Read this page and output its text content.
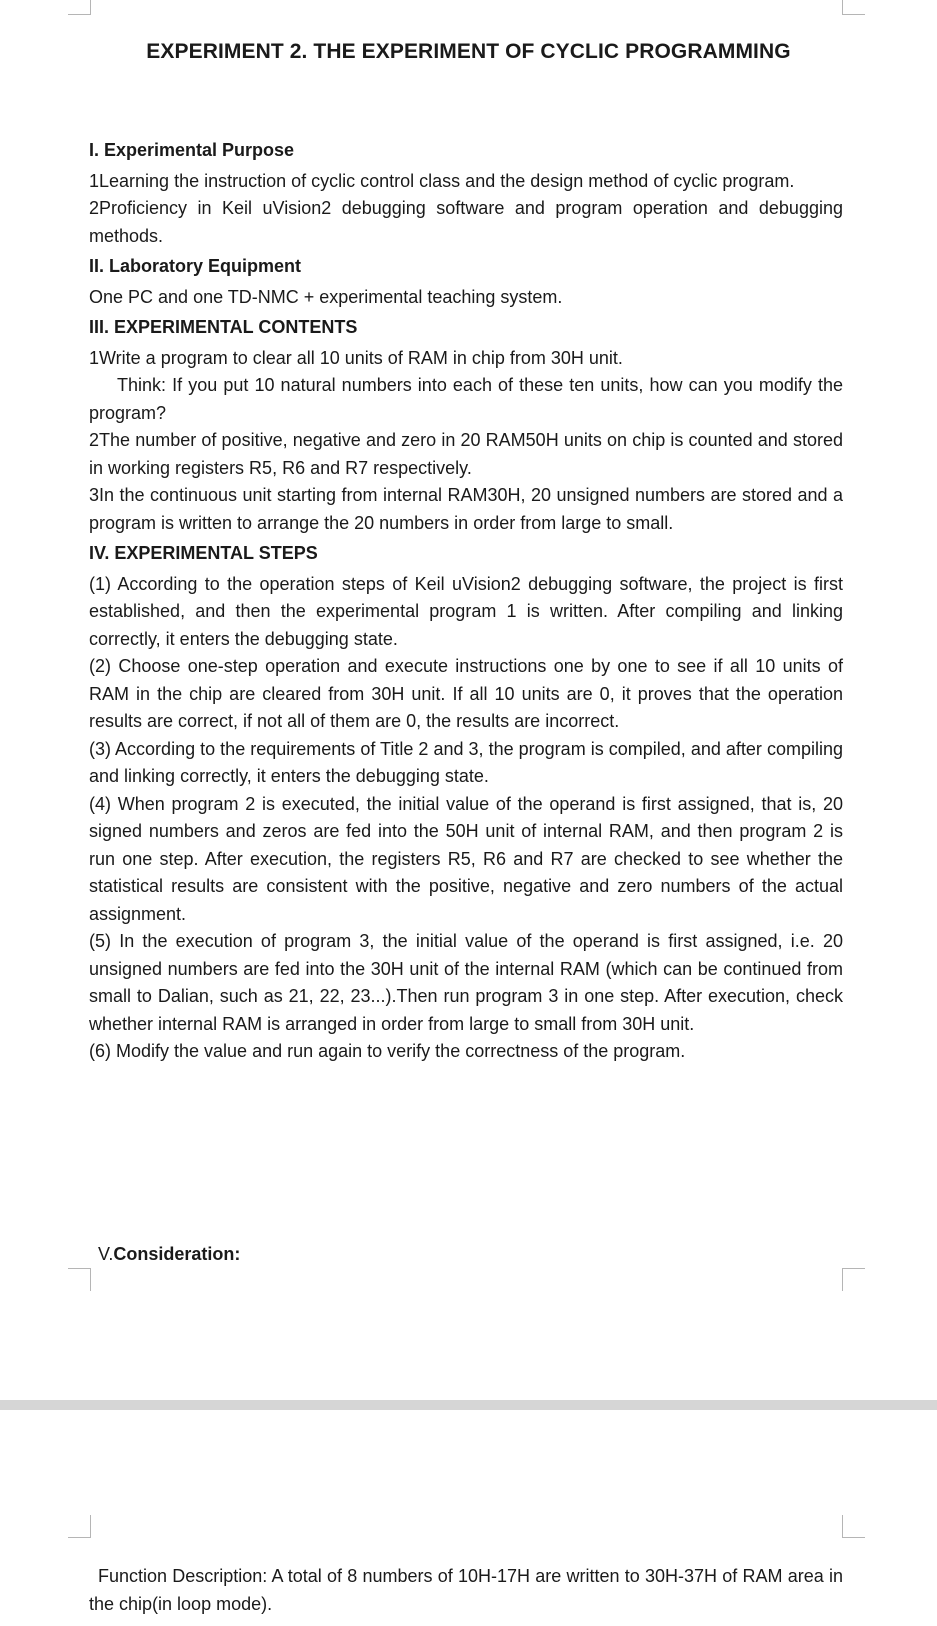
EXPERIMENT 2. THE EXPERIMENT OF CYCLIC PROGRAMMING
I. Experimental Purpose

1Learning the instruction of cyclic control class and the design method of cyclic program.

2Proficiency in Keil uVision2 debugging software and program operation and debugging methods.

II. Laboratory Equipment

One PC and one TD-NMC + experimental teaching system.

III. EXPERIMENTAL CONTENTS

1Write a program to clear all 10 units of RAM in chip from 30H unit.

Think: If you put 10 natural numbers into each of these ten units, how can you modify the program?

2The number of positive, negative and zero in 20 RAM50H units on chip is counted and stored in working registers R5, R6 and R7 respectively.

3In the continuous unit starting from internal RAM30H, 20 unsigned numbers are stored and a program is written to arrange the 20 numbers in order from large to small.

IV. EXPERIMENTAL STEPS

(1) According to the operation steps of Keil uVision2 debugging software, the project is first established, and then the experimental program 1 is written. After compiling and linking correctly, it enters the debugging state.

(2) Choose one-step operation and execute instructions one by one to see if all 10 units of RAM in the chip are cleared from 30H unit. If all 10 units are 0, it proves that the operation results are correct, if not all of them are 0, the results are incorrect.

(3) According to the requirements of Title 2 and 3, the program is compiled, and after compiling and linking correctly, it enters the debugging state.

(4) When program 2 is executed, the initial value of the operand is first assigned, that is, 20 signed numbers and zeros are fed into the 50H unit of internal RAM, and then program 2 is run one step. After execution, the registers R5, R6 and R7 are checked to see whether the statistical results are consistent with the positive, negative and zero numbers of the actual assignment.

(5) In the execution of program 3, the initial value of the operand is first assigned, i.e. 20 unsigned numbers are fed into the 30H unit of the internal RAM (which can be continued from small to Dalian, such as 21, 22, 23...).Then run program 3 in one step. After execution, check whether internal RAM is arranged in order from large to small from 30H unit.

(6) Modify the value and run again to verify the correctness of the program.

V.Consideration:

Function Description: A total of 8 numbers of 10H-17H are written to 30H-37H of RAM area in the chip(in loop mode).
